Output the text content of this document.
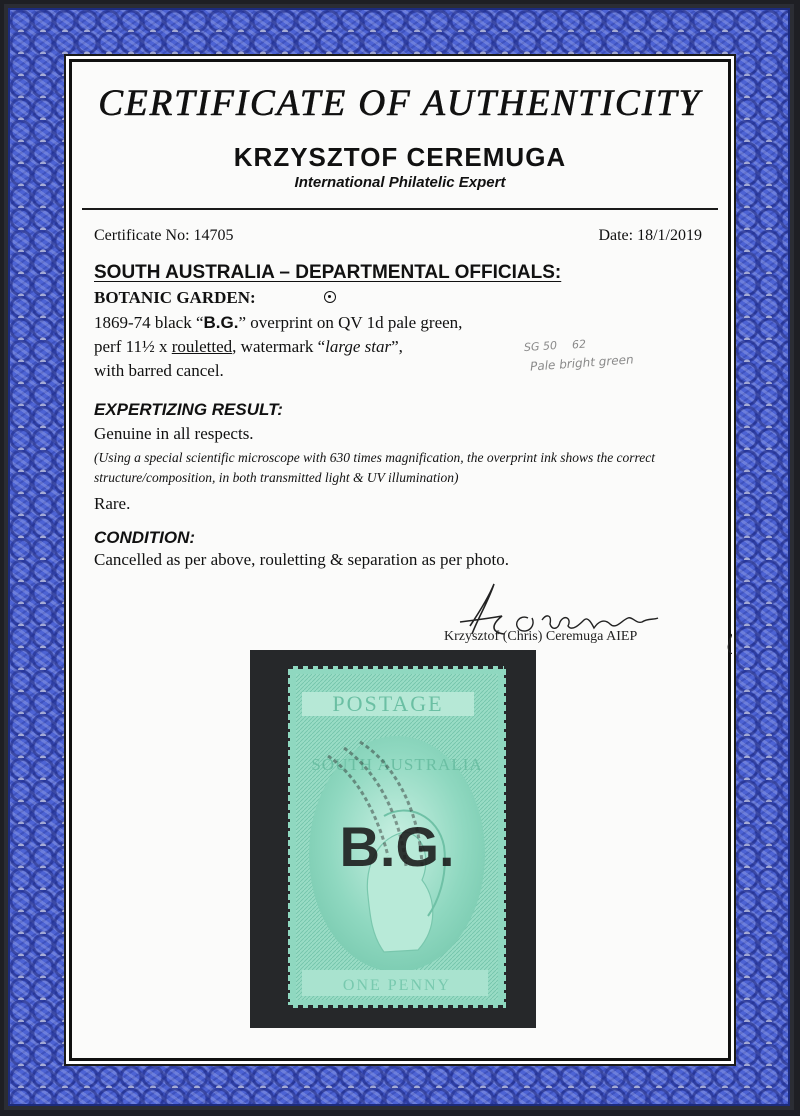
CERTIFICATE OF AUTHENTICITY
KRZYSZTOF CEREMUGA
International Philatelic Expert
Certificate No: 14705	Date: 18/1/2019
SOUTH AUSTRALIA – DEPARTMENTAL OFFICIALS:
BOTANIC GARDEN:
1869-74 black “B.G.” overprint on QV 1d pale green,
perf 11½ x rouletted, watermark “large star”,
with barred cancel.
SG 50 62
Pale bright green
EXPERTIZING RESULT:
Genuine in all respects.
(Using a special scientific microscope with 630 times magnification, the overprint ink shows the correct structure/composition, in both transmitted light & UV illumination)
Rare.
CONDITION:
Cancelled as per above, rouletting & separation as per photo.
Krzysztof (Chris) Ceremuga AIEP
POSTAGE
SOUTH AUSTRALIA
B.G.
ONE PENNY
